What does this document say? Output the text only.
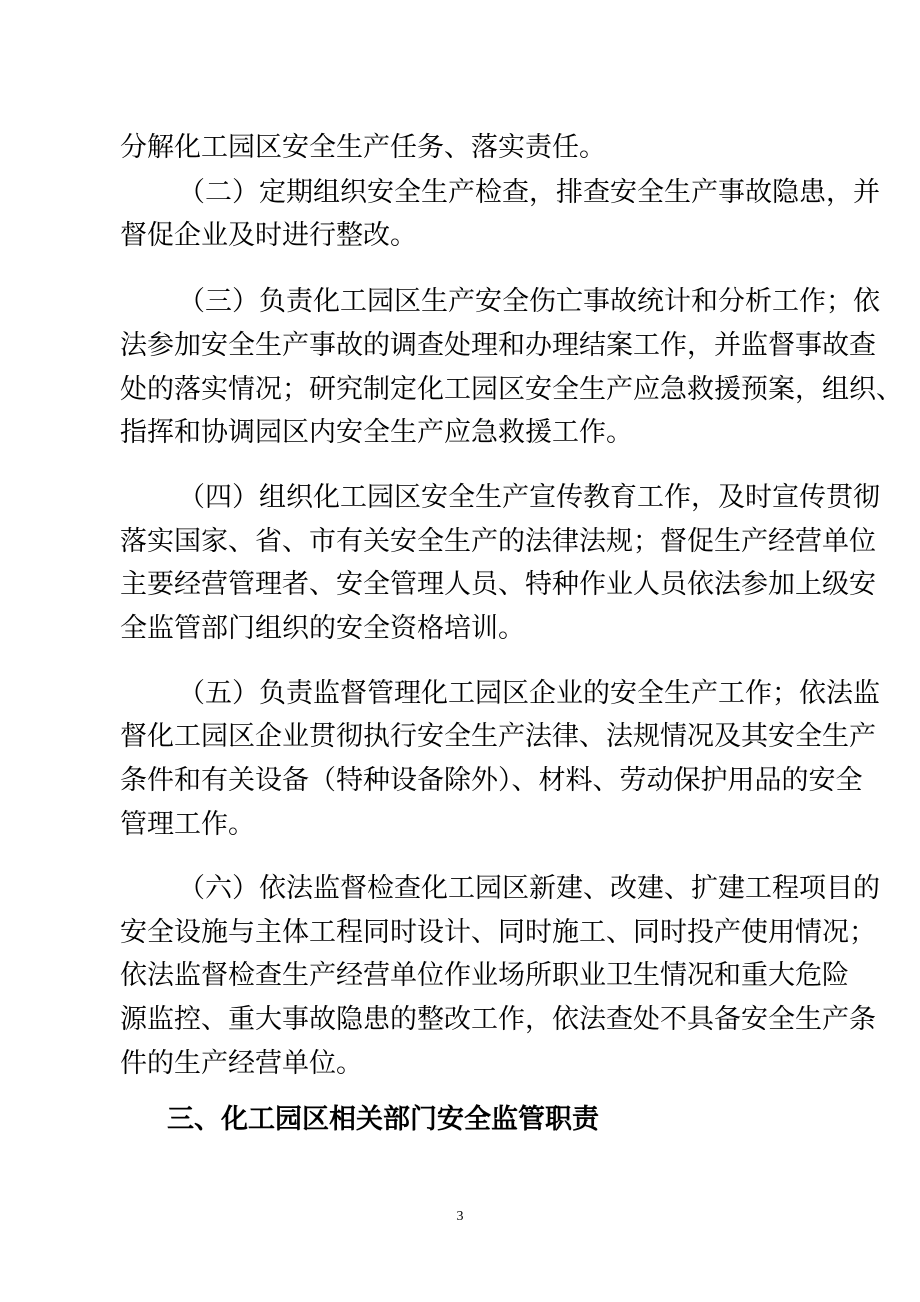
分解化工园区安全生产任务、落实责任。
（二）定期组织安全生产检查，排查安全生产事故隐患，并
督促企业及时进行整改。
（三）负责化工园区生产安全伤亡事故统计和分析工作；依
法参加安全生产事故的调查处理和办理结案工作，并监督事故查
处的落实情况；研究制定化工园区安全生产应急救援预案，组织、
指挥和协调园区内安全生产应急救援工作。
（四）组织化工园区安全生产宣传教育工作，及时宣传贯彻
落实国家、省、市有关安全生产的法律法规；督促生产经营单位
主要经营管理者、安全管理人员、特种作业人员依法参加上级安
全监管部门组织的安全资格培训。
（五）负责监督管理化工园区企业的安全生产工作；依法监
督化工园区企业贯彻执行安全生产法律、法规情况及其安全生产
条件和有关设备（特种设备除外）、材料、劳动保护用品的安全
管理工作。
（六）依法监督检查化工园区新建、改建、扩建工程项目的
安全设施与主体工程同时设计、同时施工、同时投产使用情况；
依法监督检查生产经营单位作业场所职业卫生情况和重大危险
源监控、重大事故隐患的整改工作，依法查处不具备安全生产条
件的生产经营单位。
三、化工园区相关部门安全监管职责
3
